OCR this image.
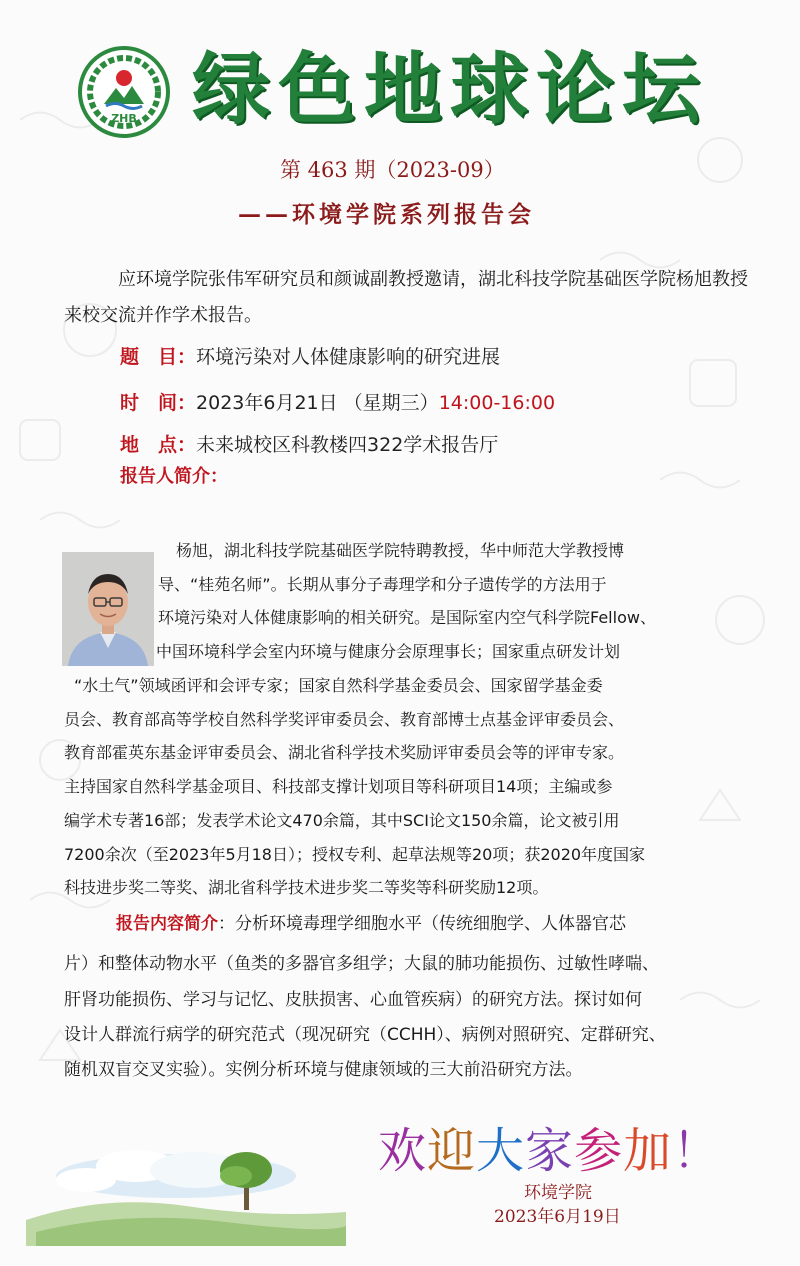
ZHB 绿色地球论坛
第 463 期（2023-09）
——环境学院系列报告会
应环境学院张伟军研究员和颜诚副教授邀请，湖北科技学院基础医学院杨旭教授来校交流并作学术报告。
题　目：环境污染对人体健康影响的研究进展
时　间：2023年6月21日 （星期三）14:00-16:00
地　点：未来城校区科教楼四322学术报告厅
报告人简介：
杨旭，湖北科技学院基础医学院特聘教授，华中师范大学教授博
导、“桂苑名师”。长期从事分子毒理学和分子遗传学的方法用于
环境污染对人体健康影响的相关研究。是国际室内空气科学院Fellow、
中国环境科学会室内环境与健康分会原理事长；国家重点研发计划
“水土气”领域函评和会评专家；国家自然科学基金委员会、国家留学基金委
员会、教育部高等学校自然科学奖评审委员会、教育部博士点基金评审委员会、
教育部霍英东基金评审委员会、湖北省科学技术奖励评审委员会等的评审专家。
主持国家自然科学基金项目、科技部支撑计划项目等科研项目14项；主编或参
编学术专著16部；发表学术论文470余篇，其中SCI论文150余篇，论文被引用
7200余次（至2023年5月18日）；授权专利、起草法规等20项；获2020年度国家
科技进步奖二等奖、湖北省科学技术进步奖二等奖等科研奖励12项。
报告内容简介：分析环境毒理学细胞水平（传统细胞学、人体器官芯
片）和整体动物水平（鱼类的多器官多组学；大鼠的肺功能损伤、过敏性哮喘、
肝肾功能损伤、学习与记忆、皮肤损害、心血管疾病）的研究方法。探讨如何
设计人群流行病学的研究范式（现况研究（CCHH）、病例对照研究、定群研究、
随机双盲交叉实验）。实例分析环境与健康领域的三大前沿研究方法。
欢迎大家参加！
环境学院
2023年6月19日
